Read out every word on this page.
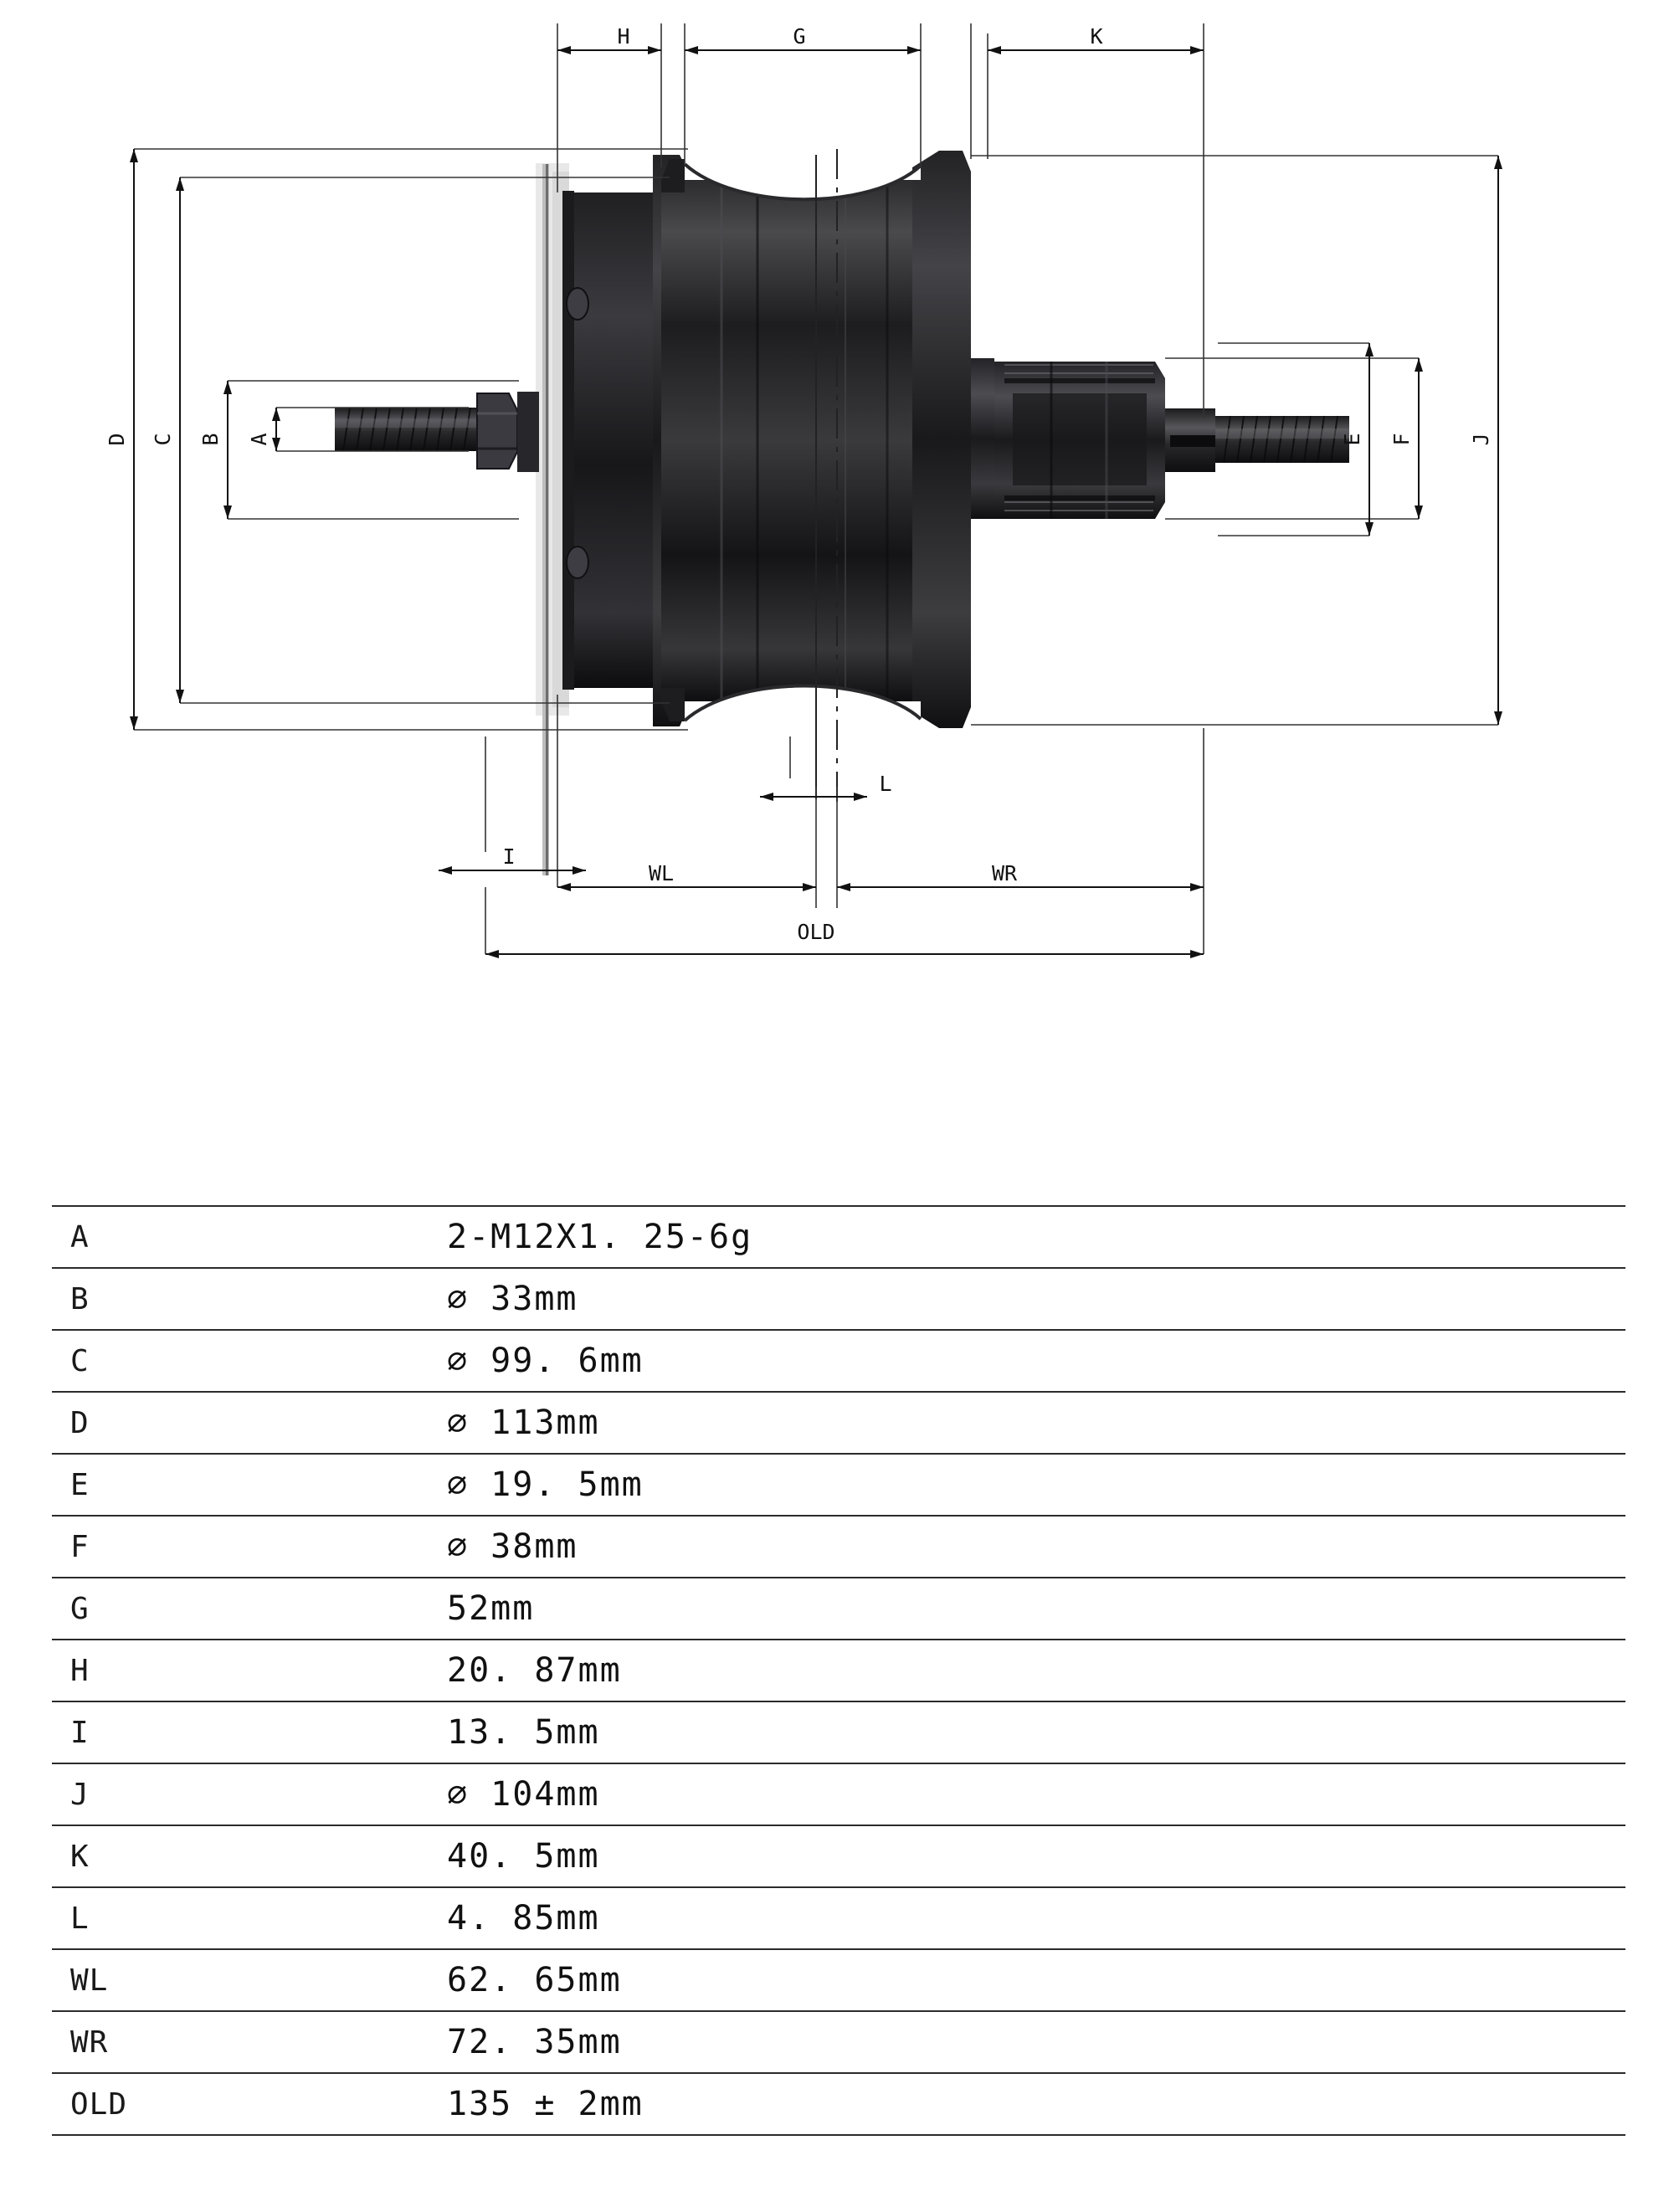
H	G	K
D C B A	E F	J
L
I
WL	WR
OLD
A	2-M12X1. 25-6g
B	⌀ 33mm
C	⌀ 99. 6mm
D	⌀ 113mm
E	⌀ 19. 5mm
F	⌀ 38mm
G	52mm
H	20. 87mm
I	13. 5mm
J	⌀ 104mm
K	40. 5mm
L	4. 85mm
WL	62. 65mm
WR	72. 35mm
OLD	135 ± 2mm
